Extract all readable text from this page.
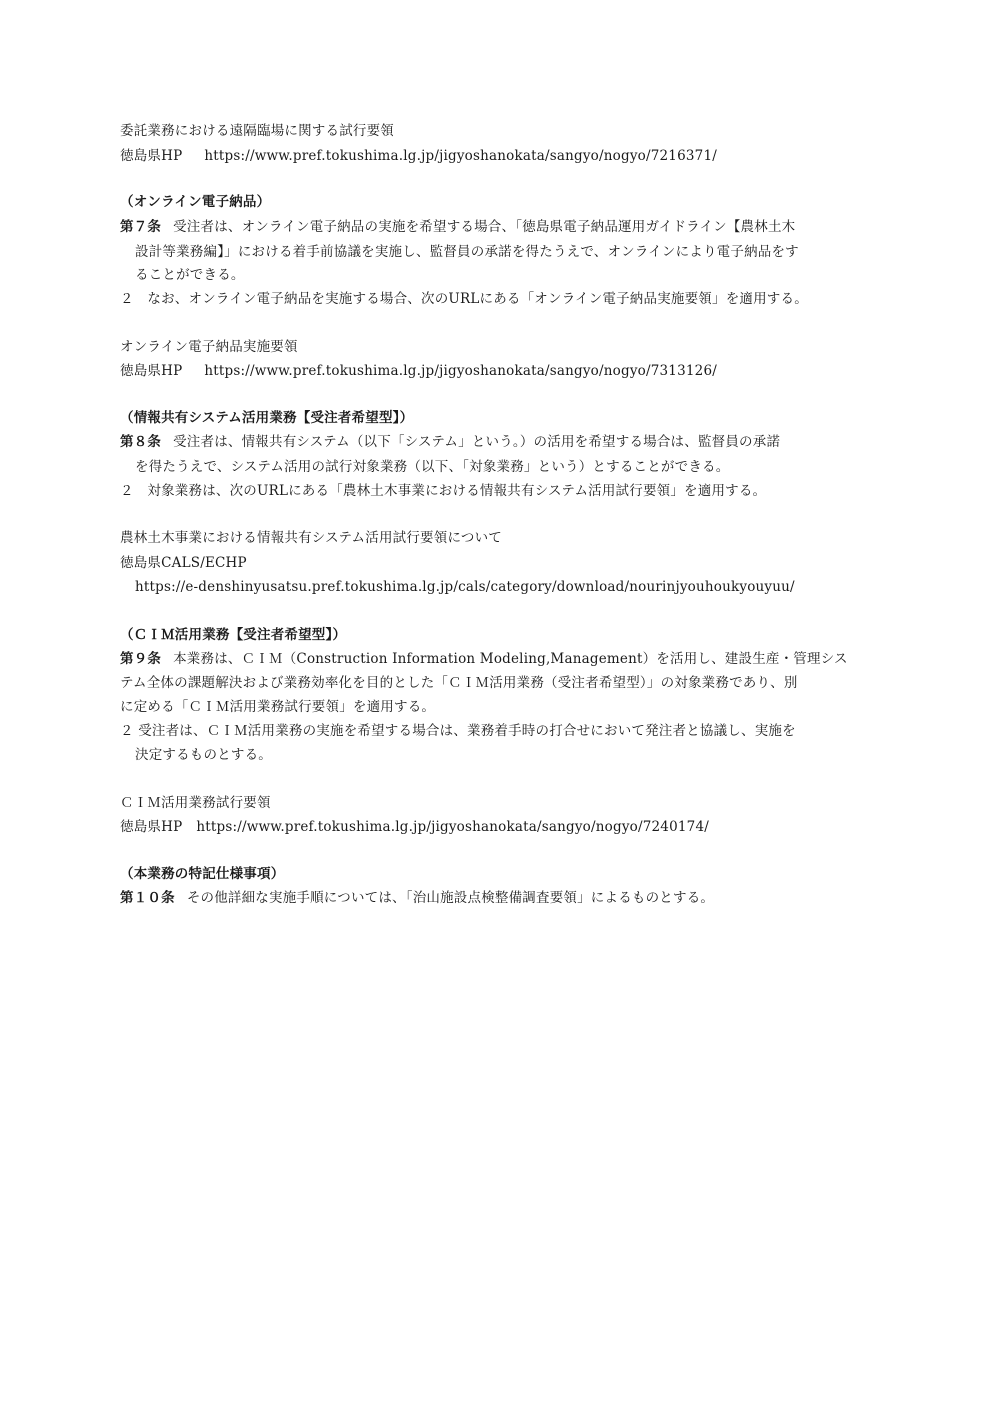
委託業務における遠隔臨場に関する試行要領
徳島県HP https://www.pref.tokushima.lg.jp/jigyoshanokata/sangyo/nogyo/7216371/
（オンライン電子納品）
第７条 受注者は、オンライン電子納品の実施を希望する場合、「徳島県電子納品運用ガイドライン【農林土木
設計等業務編】」における着手前協議を実施し、監督員の承諾を得たうえで、オンラインにより電子納品をす
ることができる。
２　なお、オンライン電子納品を実施する場合、次のURLにある「オンライン電子納品実施要領」を適用する。
オンライン電子納品実施要領
徳島県HP https://www.pref.tokushima.lg.jp/jigyoshanokata/sangyo/nogyo/7313126/
（情報共有システム活用業務【受注者希望型】）
第８条 受注者は、情報共有システム（以下「システム」という。）の活用を希望する場合は、監督員の承諾
を得たうえで、システム活用の試行対象業務（以下、「対象業務」という）とすることができる。
２　対象業務は、次のURLにある「農林土木事業における情報共有システム活用試行要領」を適用する。
農林土木事業における情報共有システム活用試行要領について
徳島県CALS/ECHP
https://e-denshinyusatsu.pref.tokushima.lg.jp/cals/category/download/nourinjyouhoukyouyuu/
（ＣＩＭ活用業務【受注者希望型】）
第９条 本業務は、ＣＩＭ（Construction Information Modeling,Management）を活用し、建設生産・管理シス
テム全体の課題解決および業務効率化を目的とした「ＣＩＭ活用業務（受注者希望型）」の対象業務であり、別
に定める「ＣＩＭ活用業務試行要領」を適用する。
２ 受注者は、ＣＩＭ活用業務の実施を希望する場合は、業務着手時の打合せにおいて発注者と協議し、実施を
決定するものとする。
ＣＩＭ活用業務試行要領
徳島県HP https://www.pref.tokushima.lg.jp/jigyoshanokata/sangyo/nogyo/7240174/
（本業務の特記仕様事項）
第１０条 その他詳細な実施手順については、「治山施設点検整備調査要領」によるものとする。
